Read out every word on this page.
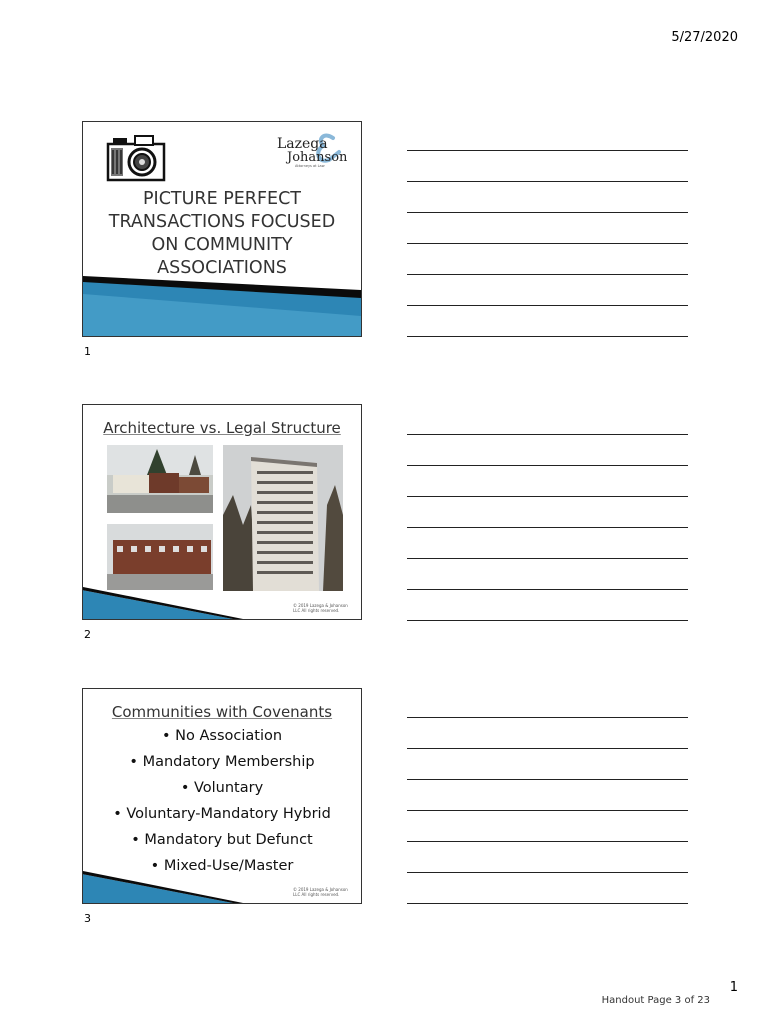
5/27/2020
Lazega
Johanson
Attorneys at Law
PICTURE PERFECT
TRANSACTIONS FOCUSED
ON COMMUNITY
ASSOCIATIONS
1
Architecture vs. Legal Structure
© 2019 Lazega & Johanson LLC All rights reserved.
2
Communities with Covenants
• No Association
• Mandatory Membership
• Voluntary
• Voluntary-Mandatory Hybrid
• Mandatory but Defunct
• Mixed-Use/Master
© 2019 Lazega & Johanson LLC All rights reserved.
3
1
Handout Page 3 of 23
